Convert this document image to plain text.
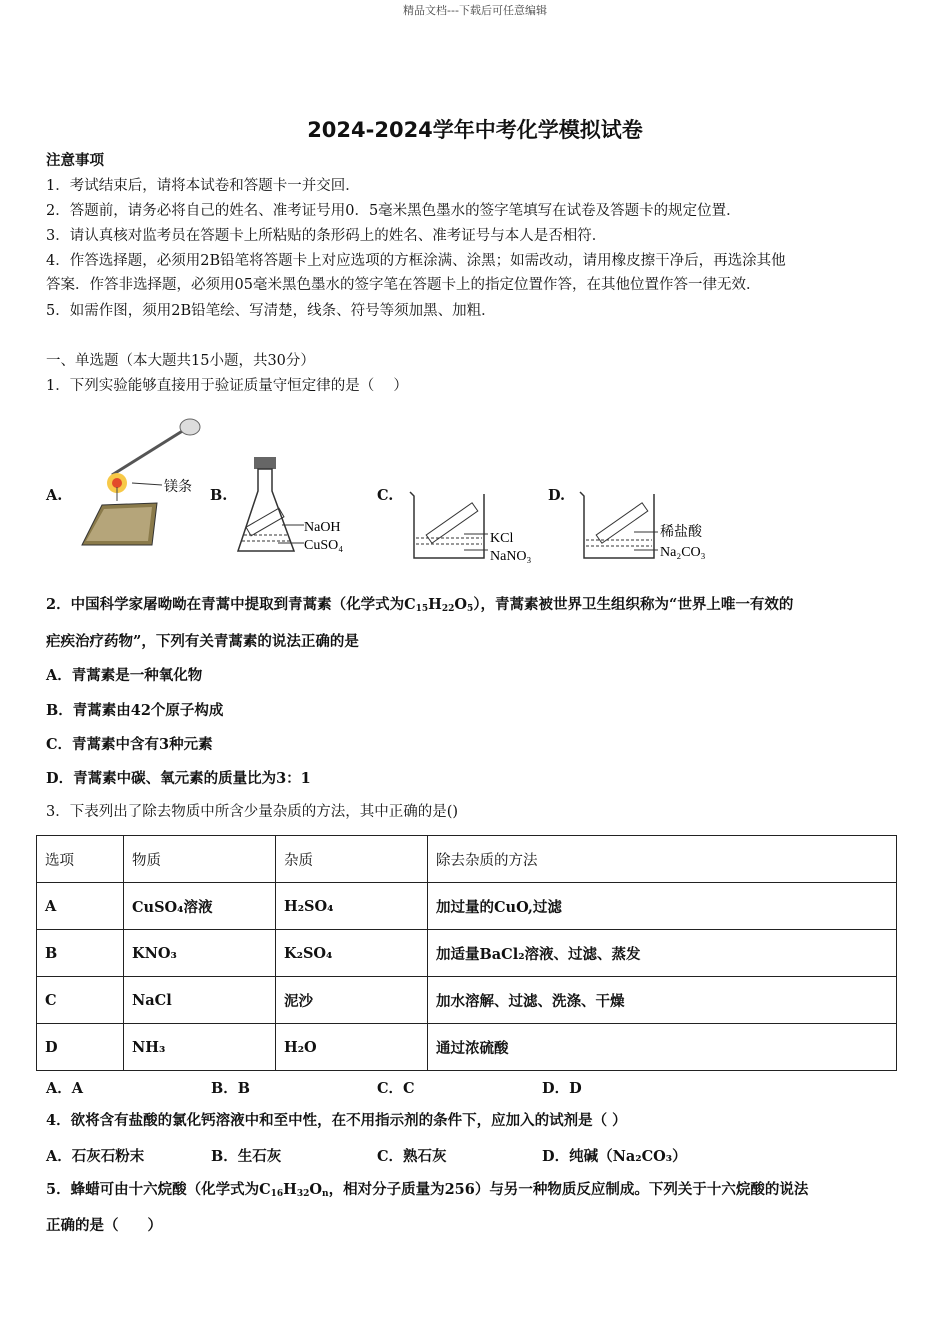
精品文档---下载后可任意编辑
2024-2024学年中考化学模拟试卷
注意事项
1．考试结束后，请将本试卷和答题卡一并交回．
2．答题前，请务必将自己的姓名、准考证号用0．5毫米黑色墨水的签字笔填写在试卷及答题卡的规定位置．
3．请认真核对监考员在答题卡上所粘贴的条形码上的姓名、准考证号与本人是否相符．
4．作答选择题，必须用2B铅笔将答题卡上对应选项的方框涂满、涂黑；如需改动，请用橡皮擦干净后，再选涂其他
答案．作答非选择题，必须用05毫米黑色墨水的签字笔在答题卡上的指定位置作答，在其他位置作答一律无效．
5．如需作图，须用2B铅笔绘、写清楚，线条、符号等须加黑、加粗．
一、单选题（本大题共15小题，共30分）
1．下列实验能够直接用于验证质量守恒定律的是（　 ）
A.	镁条 B.
NaOH
CuSO₄
C.
KCl
NaNO₃
D.
稀盐酸
Na₂CO₃
2．中国科学家屠呦呦在青蒿中提取到青蒿素（化学式为$C_{15}H_{22}O_5$），青蒿素被世界卫生组织称为“世界上唯一有效的
疟疾治疗药物”，下列有关青蒿素的说法正确的是
A．青蒿素是一种氧化物
B．青蒿素由42个原子构成
C．青蒿素中含有3种元素
D．青蒿素中碳、氧元素的质量比为3：1
3．下表列出了除去物质中所含少量杂质的方法，其中正确的是()
选项	物质	杂质	除去杂质的方法
A	CuSO₄溶液	H₂SO₄	加过量的CuO,过滤
B	KNO₃	K₂SO₄	加适量BaCl₂溶液、过滤、蒸发
C	NaCl	泥沙	加水溶解、过滤、洗涤、干燥
D	NH₃	H₂O	通过浓硫酸
A．A	B．B	C．C	D．D
4．欲将含有盐酸的氯化钙溶液中和至中性，在不用指示剂的条件下，应加入的试剂是（ ）
A．石灰石粉末	B．生石灰	C．熟石灰	D．纯碱（Na₂CO₃）
5．蜂蜡可由十六烷酸（化学式为$C_{16}H_{32}O_n$，相对分子质量为256）与另一种物质反应制成。下列关于十六烷酸的说法
正确的是（　　）
